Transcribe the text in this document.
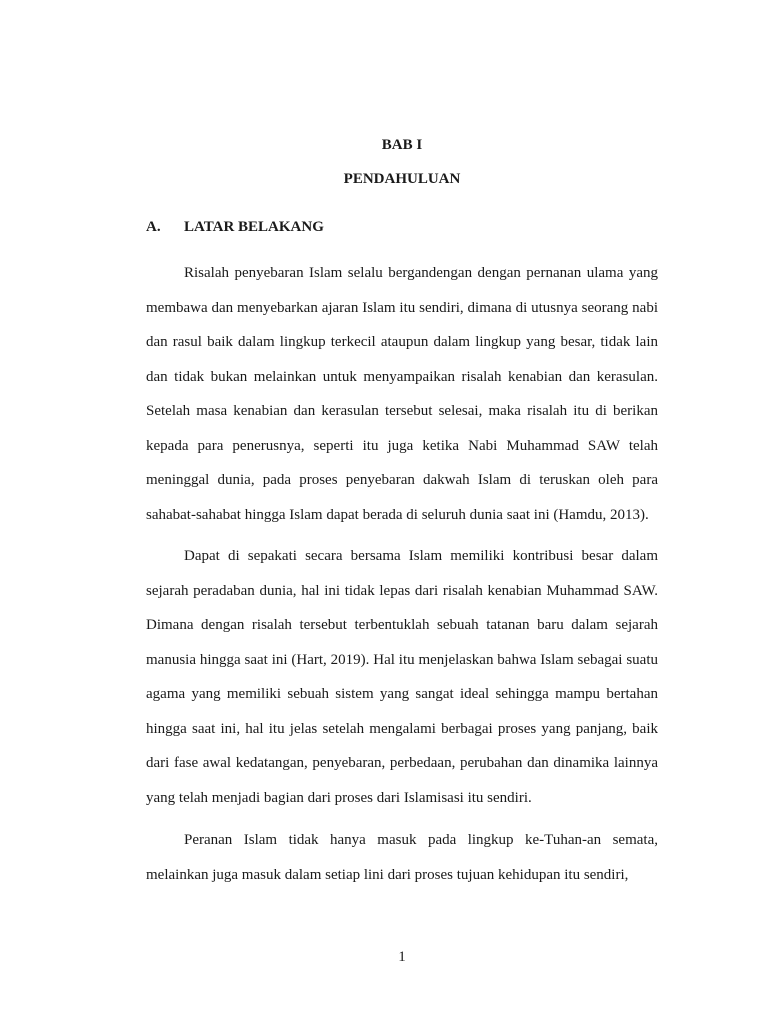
BAB I
PENDAHULUAN
A. LATAR BELAKANG

Risalah penyebaran Islam selalu bergandengan dengan pernanan ulama yang membawa dan menyebarkan ajaran Islam itu sendiri, dimana di utusnya seorang nabi dan rasul baik dalam lingkup terkecil ataupun dalam lingkup yang besar, tidak lain dan tidak bukan melainkan untuk menyampaikan risalah kenabian dan kerasulan. Setelah masa kenabian dan kerasulan tersebut selesai, maka risalah itu di berikan kepada para penerusnya, seperti itu juga ketika Nabi Muhammad SAW telah meninggal dunia, pada proses penyebaran dakwah Islam di teruskan oleh para sahabat-sahabat hingga Islam dapat berada di seluruh dunia saat ini (Hamdu, 2013).

Dapat di sepakati secara bersama Islam memiliki kontribusi besar dalam sejarah peradaban dunia, hal ini tidak lepas dari risalah kenabian Muhammad SAW. Dimana dengan risalah tersebut terbentuklah sebuah tatanan baru dalam sejarah manusia hingga saat ini (Hart, 2019). Hal itu menjelaskan bahwa Islam sebagai suatu agama yang memiliki sebuah sistem yang sangat ideal sehingga mampu bertahan hingga saat ini, hal itu jelas setelah mengalami berbagai proses yang panjang, baik dari fase awal kedatangan, penyebaran, perbedaan, perubahan dan dinamika lainnya yang telah menjadi bagian dari proses dari Islamisasi itu sendiri.

Peranan Islam tidak hanya masuk pada lingkup ke-Tuhan-an semata, melainkan juga masuk dalam setiap lini dari proses tujuan kehidupan itu sendiri,

1
